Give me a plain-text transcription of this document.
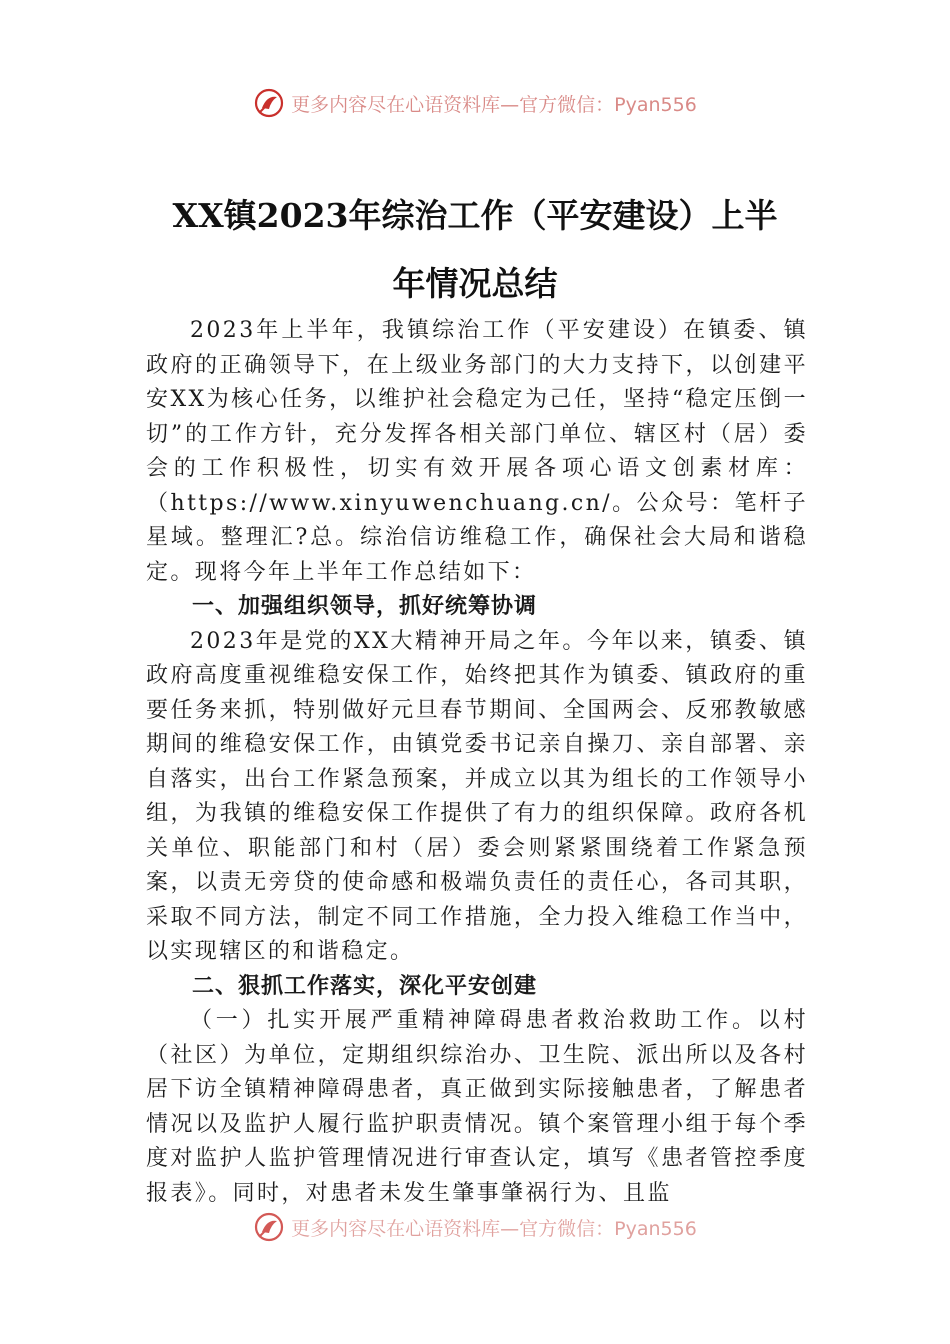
更多内容尽在心语资料库—官方微信：Pyan556
XX镇2023年综治工作（平安建设）上半
年情况总结

2023年上半年，我镇综治工作（平安建设）在镇委、镇政府的正确领导下，在上级业务部门的大力支持下，以创建平安XX为核心任务，以维护社会稳定为己任，坚持“稳定压倒一切”的工作方针，充分发挥各相关部门单位、辖区村（居）委会的工作积极性，切实有效开展各项心语文创素材库：（https://www.xinyuwenchuang.cn/。公众号：笔杆子星域。整理汇?总。综治信访维稳工作，确保社会大局和谐稳定。现将今年上半年工作总结如下：

一、加强组织领导，抓好统筹协调

2023年是党的XX大精神开局之年。今年以来，镇委、镇政府高度重视维稳安保工作，始终把其作为镇委、镇政府的重要任务来抓，特别做好元旦春节期间、全国两会、反邪教敏感期间的维稳安保工作，由镇党委书记亲自操刀、亲自部署、亲自落实，出台工作紧急预案，并成立以其为组长的工作领导小组，为我镇的维稳安保工作提供了有力的组织保障。政府各机关单位、职能部门和村（居）委会则紧紧围绕着工作紧急预案，以责无旁贷的使命感和极端负责任的责任心，各司其职，采取不同方法，制定不同工作措施，全力投入维稳工作当中，以实现辖区的和谐稳定。

二、狠抓工作落实，深化平安创建

（一）扎实开展严重精神障碍患者救治救助工作。以村（社区）为单位，定期组织综治办、卫生院、派出所以及各村居下访全镇精神障碍患者，真正做到实际接触患者，了解患者情况以及监护人履行监护职责情况。镇个案管理小组于每个季度对监护人监护管理情况进行审查认定，填写《患者管控季度报表》。同时，对患者未发生肇事肇祸行为、且监

更多内容尽在心语资料库—官方微信：Pyan556
